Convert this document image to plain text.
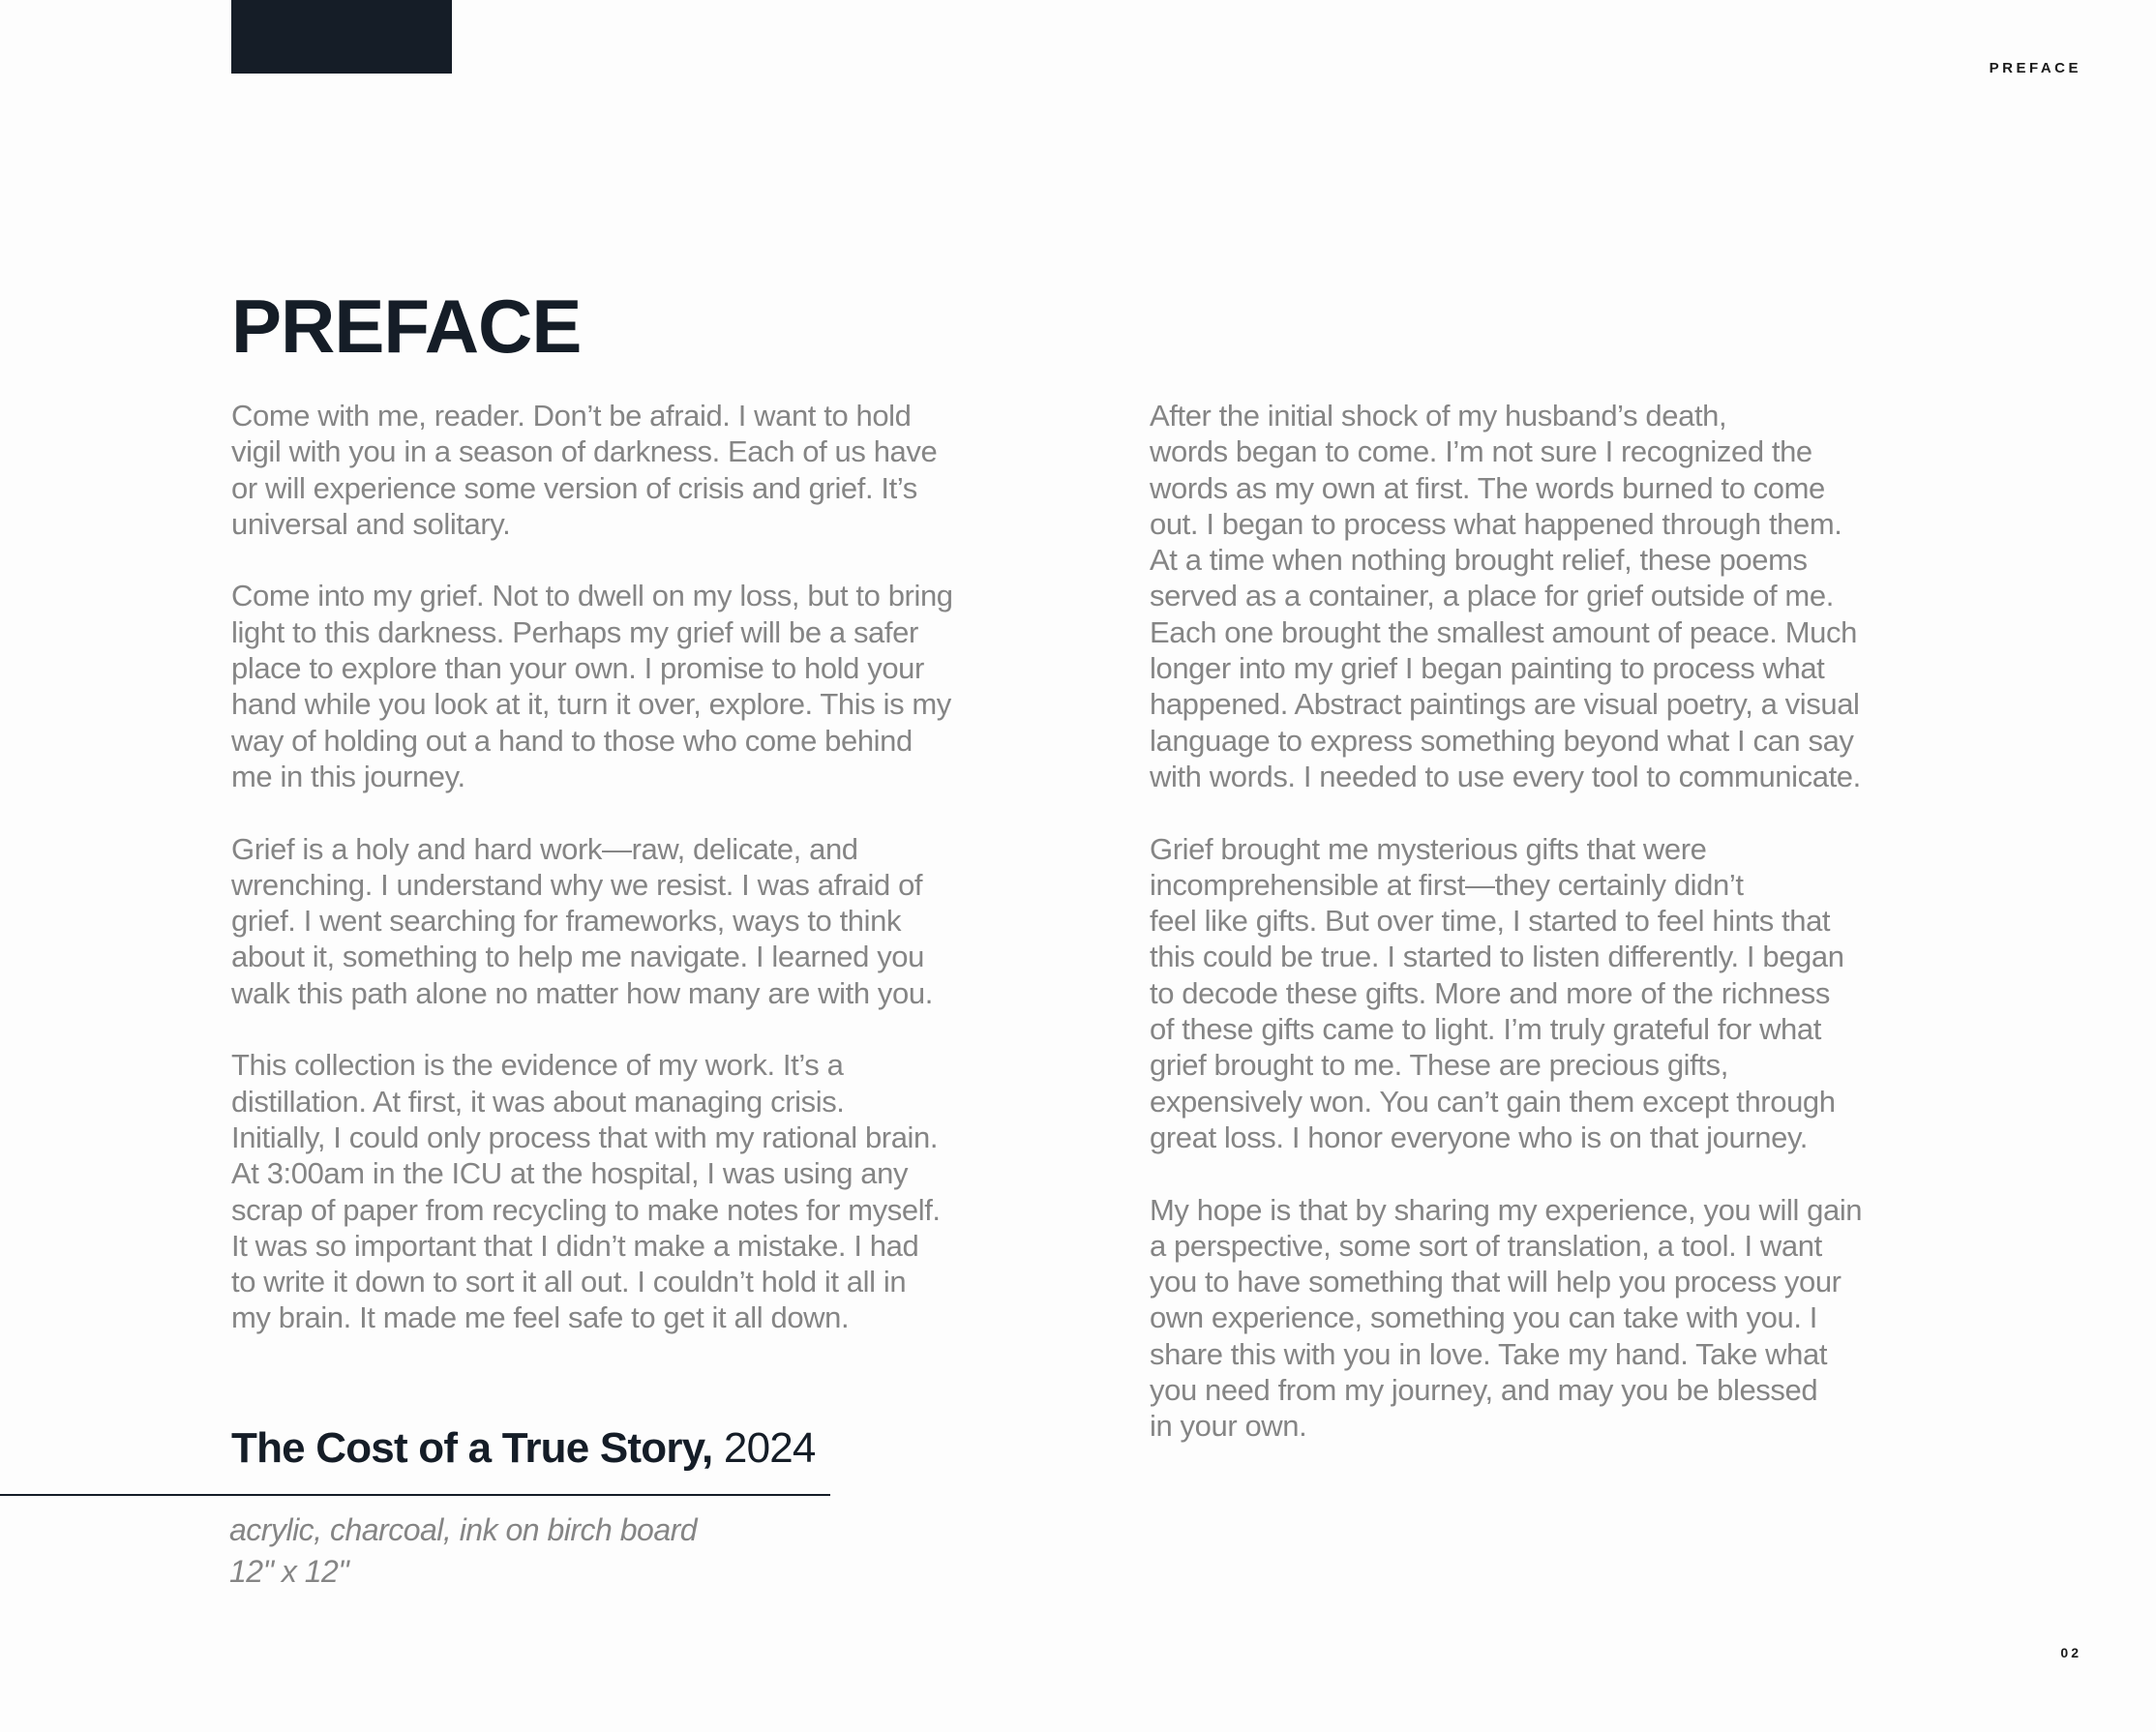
PREFACE
PREFACE

Come with me, reader. Don’t be afraid. I want to hold
vigil with you in a season of darkness. Each of us have
or will experience some version of crisis and grief. It’s
universal and solitary.

Come into my grief. Not to dwell on my loss, but to bring
light to this darkness. Perhaps my grief will be a safer
place to explore than your own. I promise to hold your
hand while you look at it, turn it over, explore. This is my
way of holding out a hand to those who come behind
me in this journey.

Grief is a holy and hard work—raw, delicate, and
wrenching. I understand why we resist. I was afraid of
grief. I went searching for frameworks, ways to think
about it, something to help me navigate. I learned you
walk this path alone no matter how many are with you.

This collection is the evidence of my work. It’s a
distillation. At first, it was about managing crisis.
Initially, I could only process that with my rational brain.
At 3:00am in the ICU at the hospital, I was using any
scrap of paper from recycling to make notes for myself.
It was so important that I didn’t make a mistake. I had
to write it down to sort it all out. I couldn’t hold it all in
my brain. It made me feel safe to get it all down.

After the initial shock of my husband’s death,
words began to come. I’m not sure I recognized the
words as my own at first. The words burned to come
out. I began to process what happened through them.
At a time when nothing brought relief, these poems
served as a container, a place for grief outside of me.
Each one brought the smallest amount of peace. Much
longer into my grief I began painting to process what
happened. Abstract paintings are visual poetry, a visual
language to express something beyond what I can say
with words. I needed to use every tool to communicate.

Grief brought me mysterious gifts that were
incomprehensible at first—they certainly didn’t
feel like gifts. But over time, I started to feel hints that
this could be true. I started to listen differently. I began
to decode these gifts. More and more of the richness
of these gifts came to light. I’m truly grateful for what
grief brought to me. These are precious gifts,
expensively won. You can’t gain them except through
great loss. I honor everyone who is on that journey.

My hope is that by sharing my experience, you will gain
a perspective, some sort of translation, a tool. I want
you to have something that will help you process your
own experience, something you can take with you. I
share this with you in love. Take my hand. Take what
you need from my journey, and may you be blessed
in your own.

The Cost of a True Story, 2024
acrylic, charcoal, ink on birch board
12" x 12"
02
